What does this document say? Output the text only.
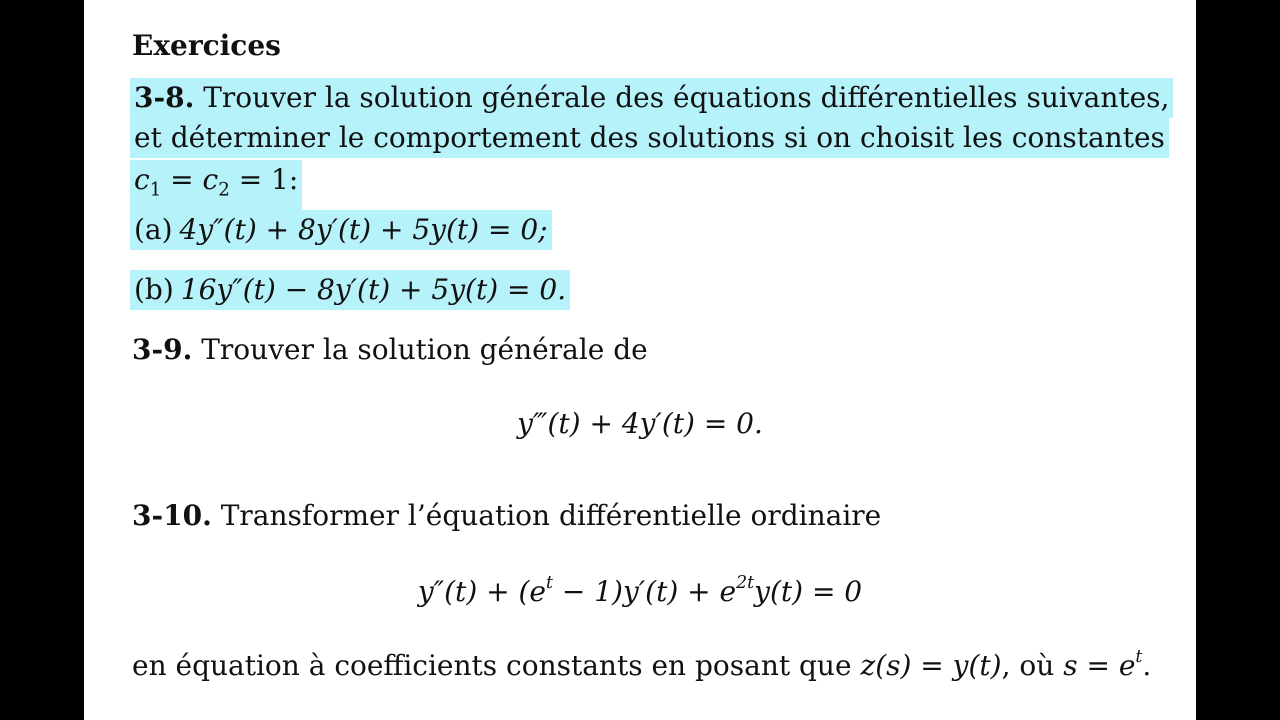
Exercices
3-8. Trouver la solution générale des équations différentielles suivantes,
et déterminer le comportement des solutions si on choisit les constantes
$c_1 = c_2 = 1$:
(a) 4y″(t) + 8y′(t) + 5y(t) = 0;
(b) 16y″(t) − 8y′(t) + 5y(t) = 0.
3-9. Trouver la solution générale de
y‴(t) + 4y′(t) = 0.
3-10. Transformer l’équation différentielle ordinaire
$y''(t) + (e^t - 1)y'(t) + e^{2t}y(t) = 0$
en équation à coefficients constants en posant que z(s) = y(t), où $s = e^t$.
